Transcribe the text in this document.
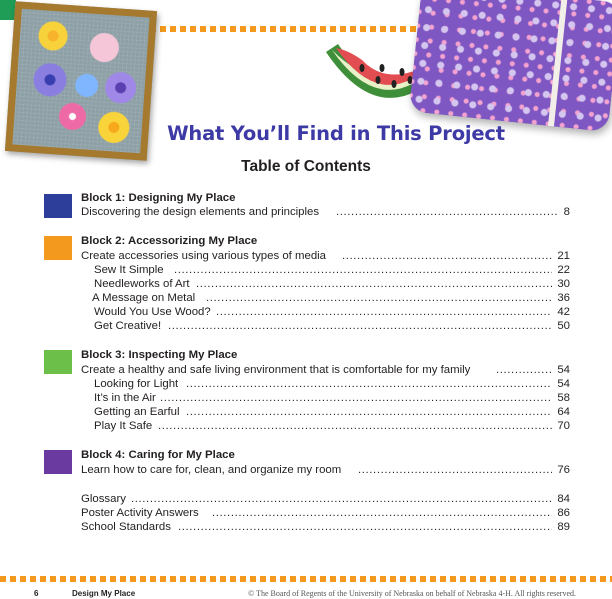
What You’ll Find in This Project
Table of Contents
Block 1: Designing My Place
Discovering the design elements and principles .....	8
Block 2: Accessorizing My Place
Create accessories using various types of media .....	21
Sew It Simple .....	22
Needleworks of Art .....	30
A Message on Metal .....	36
Would You Use Wood? .....	42
Get Creative! .....	50
Block 3: Inspecting My Place
Create a healthy and safe living environment that is comfortable for my family .....	54
Looking for Light .....	54
It’s in the Air .....	58
Getting an Earful .....	64
Play It Safe .....	70
Block 4: Caring for My Place
Learn how to care for, clean, and organize my room .....	76
Glossary .....	84
Poster Activity Answers .....	86
School Standards .....	89
6	Design My Place	© The Board of Regents of the University of Nebraska on behalf of Nebraska 4-H. All rights reserved.
